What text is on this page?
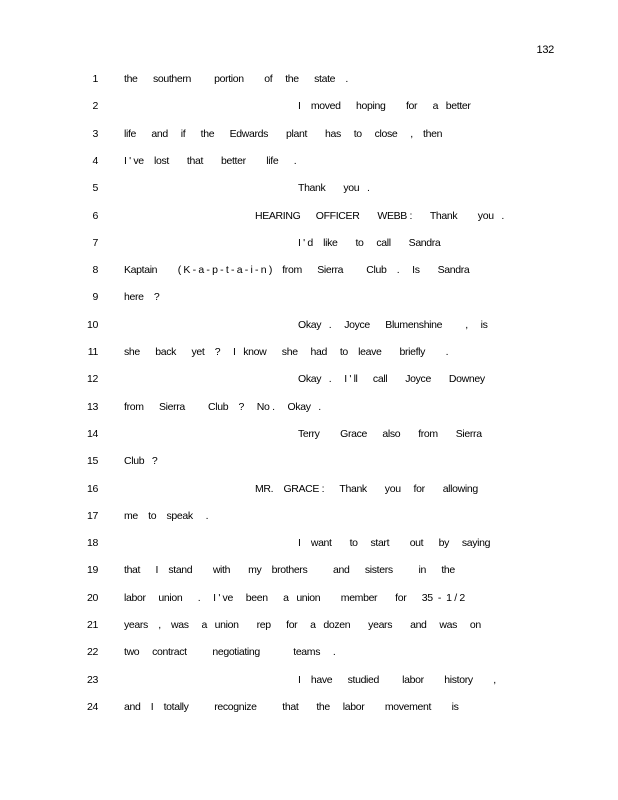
132
1 the      southern         portion        of     the      state    .
2	I    moved      hoping        for      a   better
3 life      and     if      the      Edwards       plant       has     to     close     ,    then
4 I ' ve    lost       that       better        life      .
5	Thank       you   .
6	HEARING      OFFICER       WEBB :       Thank        you   .
7	I ' d    like       to     call       Sandra
8 Kaptain        ( K - a - p - t - a - i - n )    from      Sierra         Club    .     Is       Sandra
9 here    ?
10	Okay   .     Joyce      Blumenshine         ,     is
11 she      back      yet    ?     I   know      she     had     to    leave       briefly        .
12	Okay   .     I ' ll      call       Joyce       Downey
13 from      Sierra         Club    ?     No .     Okay   .
14	Terry        Grace      also       from       Sierra
15 Club   ?
16	MR.    GRACE :      Thank       you     for       allowing
17 me    to    speak     .
18	I    want       to     start        out      by     saying
19 that      I    stand        with       my    brothers          and      sisters          in      the
20 labor     union      .     I ' ve     been      a   union        member       for      35  -  1 / 2
21 years    ,    was     a   union       rep      for     a   dozen       years       and     was     on
22 two     contract          negotiating             teams     .
23	I    have      studied         labor        history        ,
24 and    I    totally          recognize          that       the     labor        movement        is
